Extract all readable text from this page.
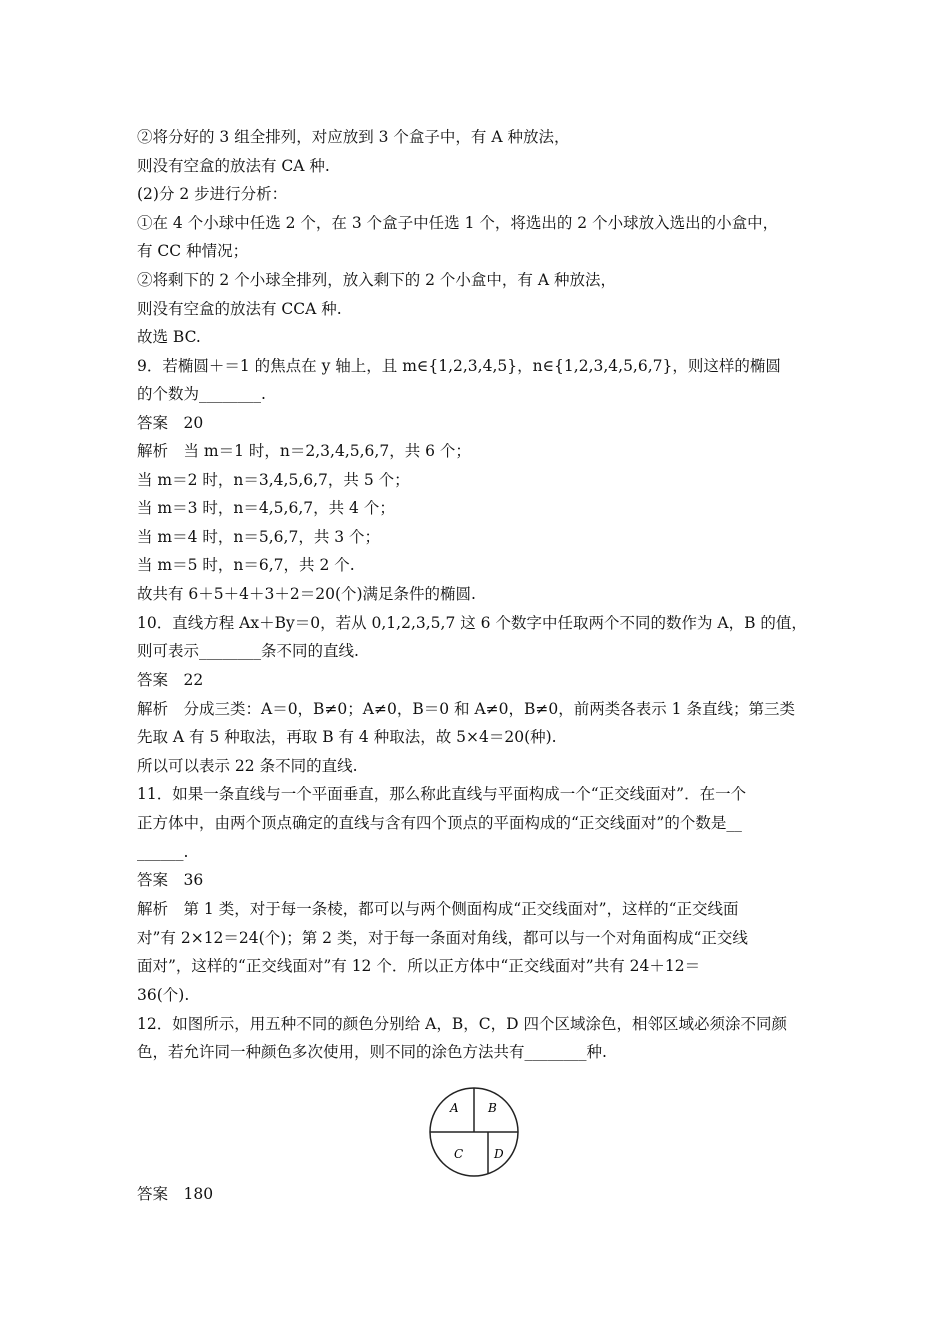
②将分好的 3 组全排列，对应放到 3 个盒子中，有 A 种放法，
则没有空盒的放法有 CA 种.
(2)分 2 步进行分析：
①在 4 个小球中任选 2 个，在 3 个盒子中任选 1 个，将选出的 2 个小球放入选出的小盒中，
有 CC 种情况；
②将剩下的 2 个小球全排列，放入剩下的 2 个小盒中，有 A 种放法，
则没有空盒的放法有 CCA 种.
故选 BC.
9．若椭圆＋＝1 的焦点在 y 轴上，且 m∈{1,2,3,4,5}，n∈{1,2,3,4,5,6,7}，则这样的椭圆
的个数为________.
答案　20
解析　当 m＝1 时，n＝2,3,4,5,6,7，共 6 个；
当 m＝2 时，n＝3,4,5,6,7，共 5 个；
当 m＝3 时，n＝4,5,6,7，共 4 个；
当 m＝4 时，n＝5,6,7，共 3 个；
当 m＝5 时，n＝6,7，共 2 个.
故共有 6＋5＋4＋3＋2＝20(个)满足条件的椭圆.
10．直线方程 Ax＋By＝0，若从 0,1,2,3,5,7 这 6 个数字中任取两个不同的数作为 A，B 的值，
则可表示________条不同的直线.
答案　22
解析　分成三类：A＝0，B≠0；A≠0，B＝0 和 A≠0，B≠0，前两类各表示 1 条直线；第三类
先取 A 有 5 种取法，再取 B 有 4 种取法，故 5×4＝20(种).
所以可以表示 22 条不同的直线.
11．如果一条直线与一个平面垂直，那么称此直线与平面构成一个“正交线面对”．在一个
正方体中，由两个顶点确定的直线与含有四个顶点的平面构成的“正交线面对”的个数是__
______.
答案　36
解析　第 1 类，对于每一条棱，都可以与两个侧面构成“正交线面对”，这样的“正交线面
对”有 2×12＝24(个)；第 2 类，对于每一条面对角线，都可以与一个对角面构成“正交线
面对”，这样的“正交线面对”有 12 个．所以正方体中“正交线面对”共有 24＋12＝
36(个).
12．如图所示，用五种不同的颜色分别给 A，B，C，D 四个区域涂色，相邻区域必须涂不同颜
色，若允许同一种颜色多次使用，则不同的涂色方法共有________种.
A B
C	D
答案　180
